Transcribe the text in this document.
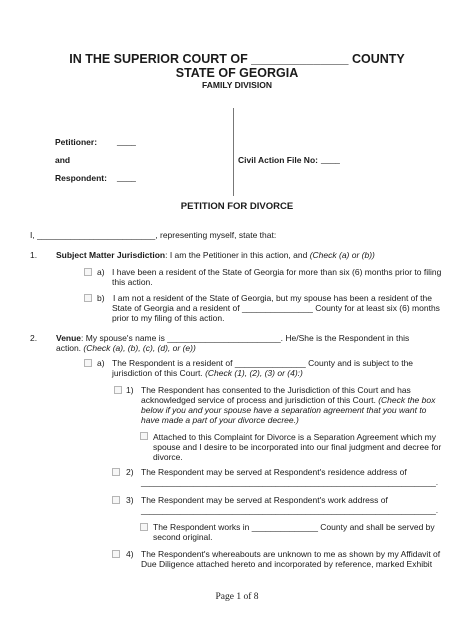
IN THE SUPERIOR COURT OF ______________ COUNTY
STATE OF GEORGIA
FAMILY DIVISION
Petitioner: ____
and
Respondent: ____
Civil Action File No: ____
PETITION FOR DIVORCE
I, _________________________, representing myself, state that:
1. Subject Matter Jurisdiction: I am the Petitioner in this action, and (Check (a) or (b))
a) I have been a resident of the State of Georgia for more than six (6) months prior to filing
this action.
b) I am not a resident of the State of Georgia, but my spouse has been a resident of the
State of Georgia and a resident of _______________ County for at least six (6) months
prior to my filing of this action.
2. Venue: My spouse's name is ________________________. He/She is the Respondent in this
action. (Check (a), (b), (c), (d), or (e))
a) The Respondent is a resident of _______________ County and is subject to the
jurisdiction of this Court. (Check (1), (2), (3) or (4):)
1) The Respondent has consented to the Jurisdiction of this Court and has
acknowledged service of process and jurisdiction of this Court. (Check the box
below if you and your spouse have a separation agreement that you want to
have made a part of your divorce decree.)
Attached to this Complaint for Divorce is a Separation Agreement which my
spouse and I desire to be incorporated into our final judgment and decree for
divorce.
2) The Respondent may be served at Respondent's residence address of
____________________________________________________________________.
3) The Respondent may be served at Respondent's work address of
____________________________________________________________________.
The Respondent works in ______________ County and shall be served by
second original.
4) The Respondent's whereabouts are unknown to me as shown by my Affidavit of
Due Diligence attached hereto and incorporated by reference, marked Exhibit
Page 1 of 8
